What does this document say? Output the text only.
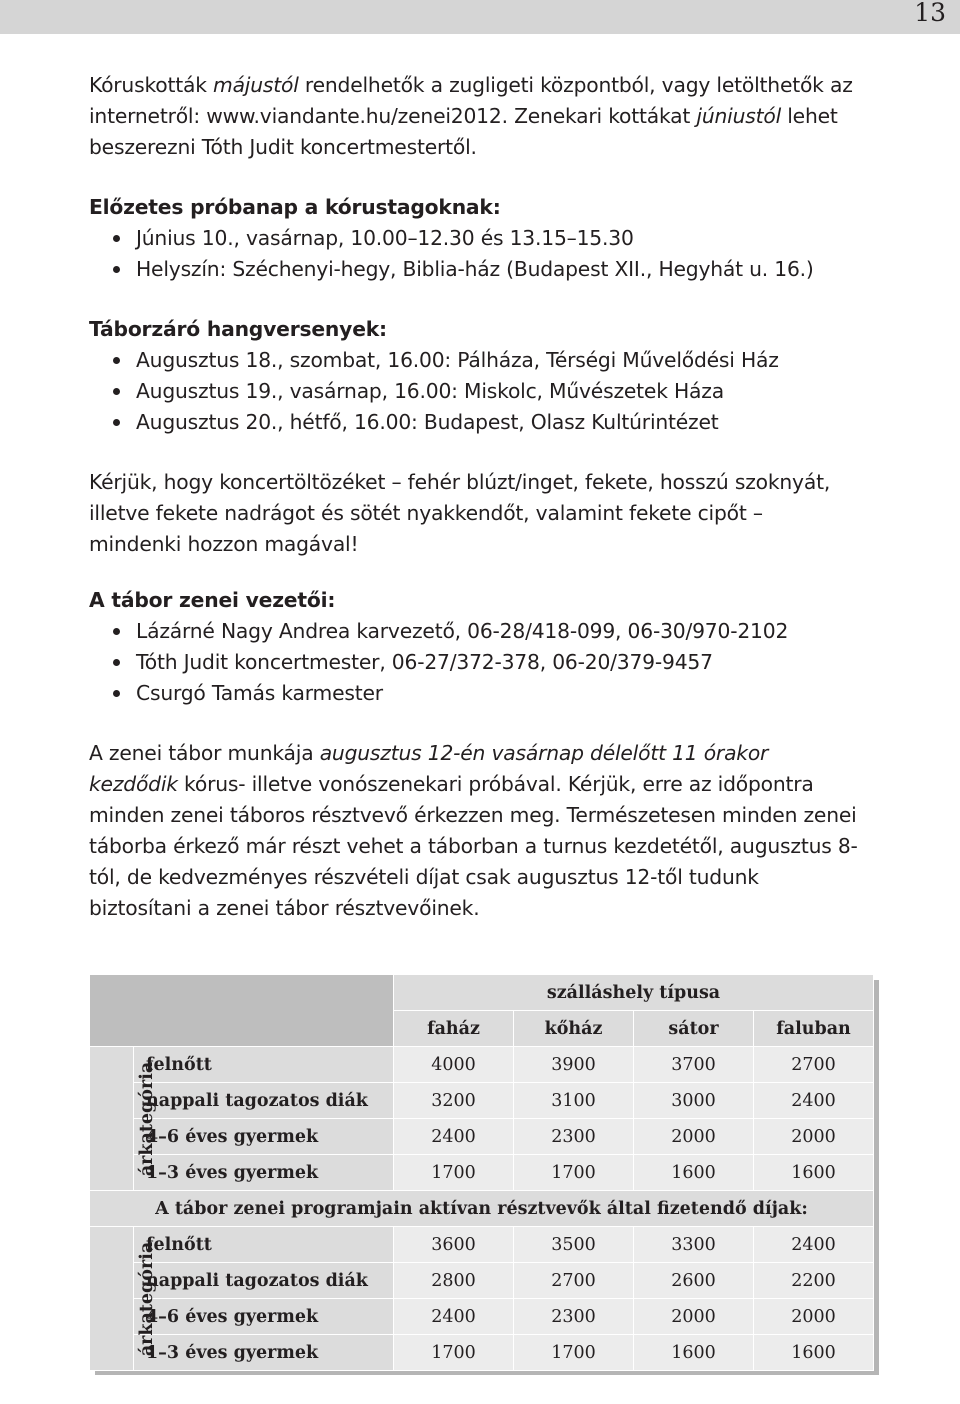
13

Kóruskották májustól rendelhetők a zugligeti központból, vagy letölthetők az internetről: www.viandante.hu/zenei2012. Zenekari kottákat júniustól lehet beszerezni Tóth Judit koncertmestertől.

Előzetes próbanap a kórustagoknak:

Június 10., vasárnap, 10.00–12.30 és 13.15–15.30
Helyszín: Széchenyi-hegy, Biblia-ház (Budapest XII., Hegyhát u. 16.)

Táborzáró hangversenyek:

Augusztus 18., szombat, 16.00: Pálháza, Térségi Művelődési Ház
Augusztus 19., vasárnap, 16.00: Miskolc, Művészetek Háza
Augusztus 20., hétfő, 16.00: Budapest, Olasz Kultúrintézet

Kérjük, hogy koncertöltözéket – fehér blúzt/inget, fekete, hosszú szoknyát, illetve fekete nadrágot és sötét nyakkendőt, valamint fekete cipőt – mindenki hozzon magával!

A tábor zenei vezetői:

Lázárné Nagy Andrea karvezető, 06-28/418-099, 06-30/970-2102
Tóth Judit koncertmester, 06-27/372-378, 06-20/379-9457
Csurgó Tamás karmester

A zenei tábor munkája augusztus 12-én vasárnap délelőtt 11 órakor kezdődik kórus- illetve vonószenekari próbával. Kérjük, erre az időpontra minden zenei táboros résztvevő érkezzen meg. Természetesen minden zenei táborba érkező már részt vehet a táborban a turnus kezdetétől, augusztus 8-tól, de kedvezményes részvételi díjat csak augusztus 12-től tudunk biztosítani a zenei tábor résztvevőinek.

		szálláshely típusa			
		faház	kőház	sátor	faluban
árkategória	felnőtt	4000	3900	3700	2700
	nappali tagozatos diák	3200	3100	3000	2400
	4–6 éves gyermek	2400	2300	2000	2000
	1–3 éves gyermek	1700	1700	1600	1600
A tábor zenei programjain aktívan résztvevők által fizetendő díjak:					
árkategória	felnőtt	3600	3500	3300	2400
	nappali tagozatos diák	2800	2700	2600	2200
	4–6 éves gyermek	2400	2300	2000	2000
	1–3 éves gyermek	1700	1700	1600	1600
